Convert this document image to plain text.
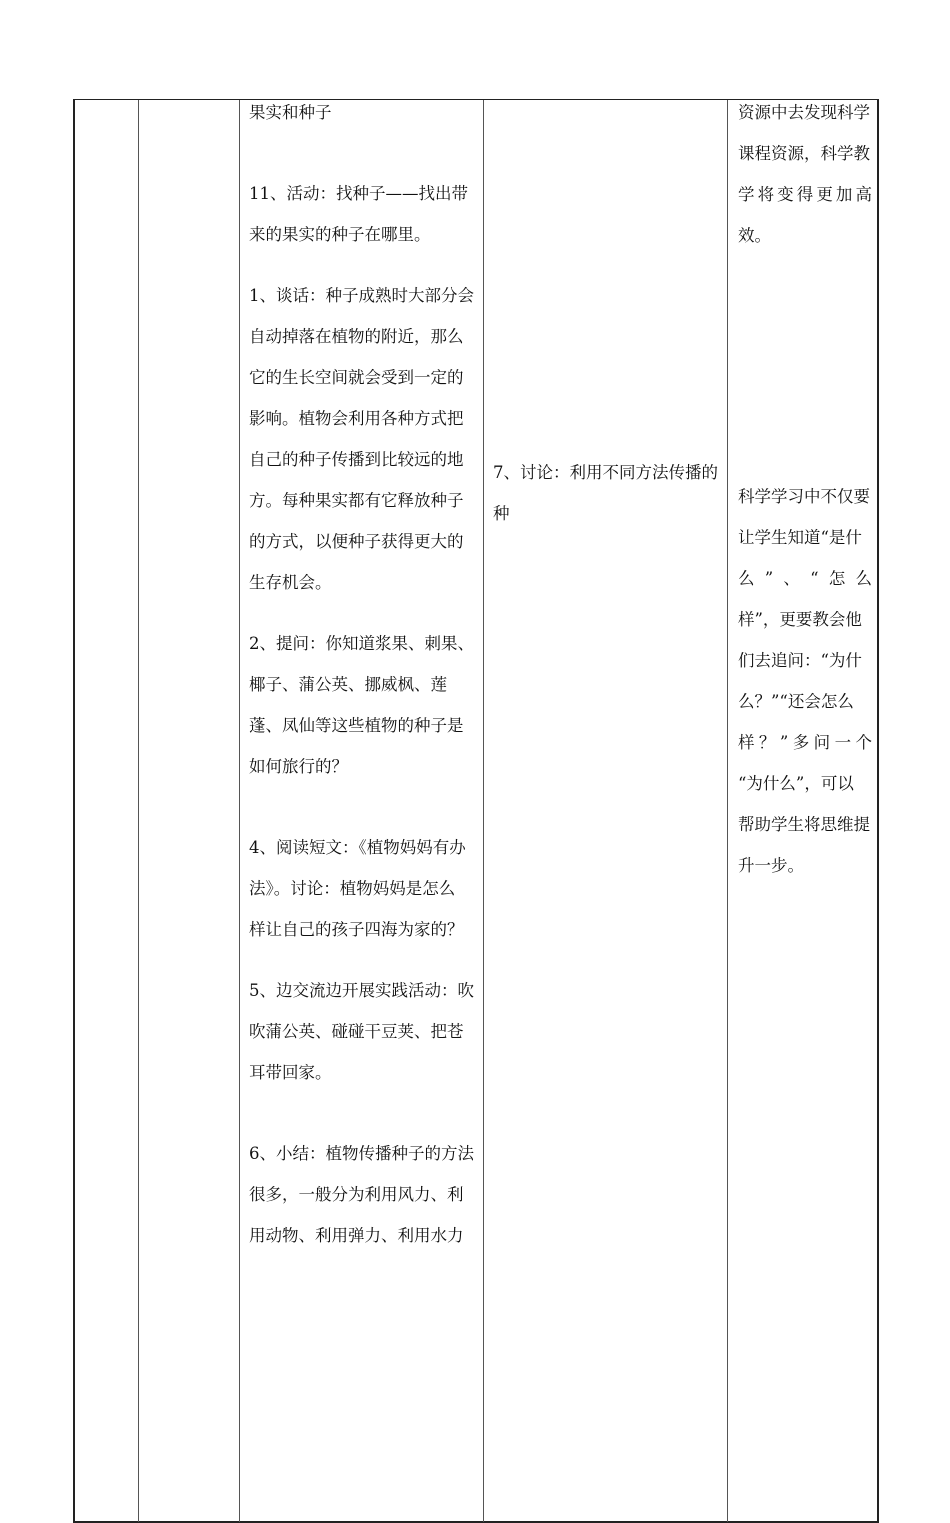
果实和种子

11、活动：找种子——找出带

来的果实的种子在哪里。

1、谈话：种子成熟时大部分会

自动掉落在植物的附近，那么

它的生长空间就会受到一定的

影响。植物会利用各种方式把

自己的种子传播到比较远的地

方。每种果实都有它释放种子

的方式，以便种子获得更大的

生存机会。

2、提问：你知道浆果、刺果、

椰子、蒲公英、挪威枫、莲

蓬、凤仙等这些植物的种子是

如何旅行的？

4、阅读短文：《植物妈妈有办

法》。讨论：植物妈妈是怎么

样让自己的孩子四海为家的？

5、边交流边开展实践活动：吹

吹蒲公英、碰碰干豆荚、把苍

耳带回家。

6、小结：植物传播种子的方法

很多，一般分为利用风力、利

用动物、利用弹力、利用水力

7、讨论：利用不同方法传播的

种

资源中去发现科学

课程资源，科学教

学将变得更加高

效。

科学学习中不仅要

让学生知道“是什

么”、“怎么

样”，更要教会他

们去追问：“为什

么？”“还会怎么

样？”多问一个

“为什么”，可以

帮助学生将思维提

升一步。
